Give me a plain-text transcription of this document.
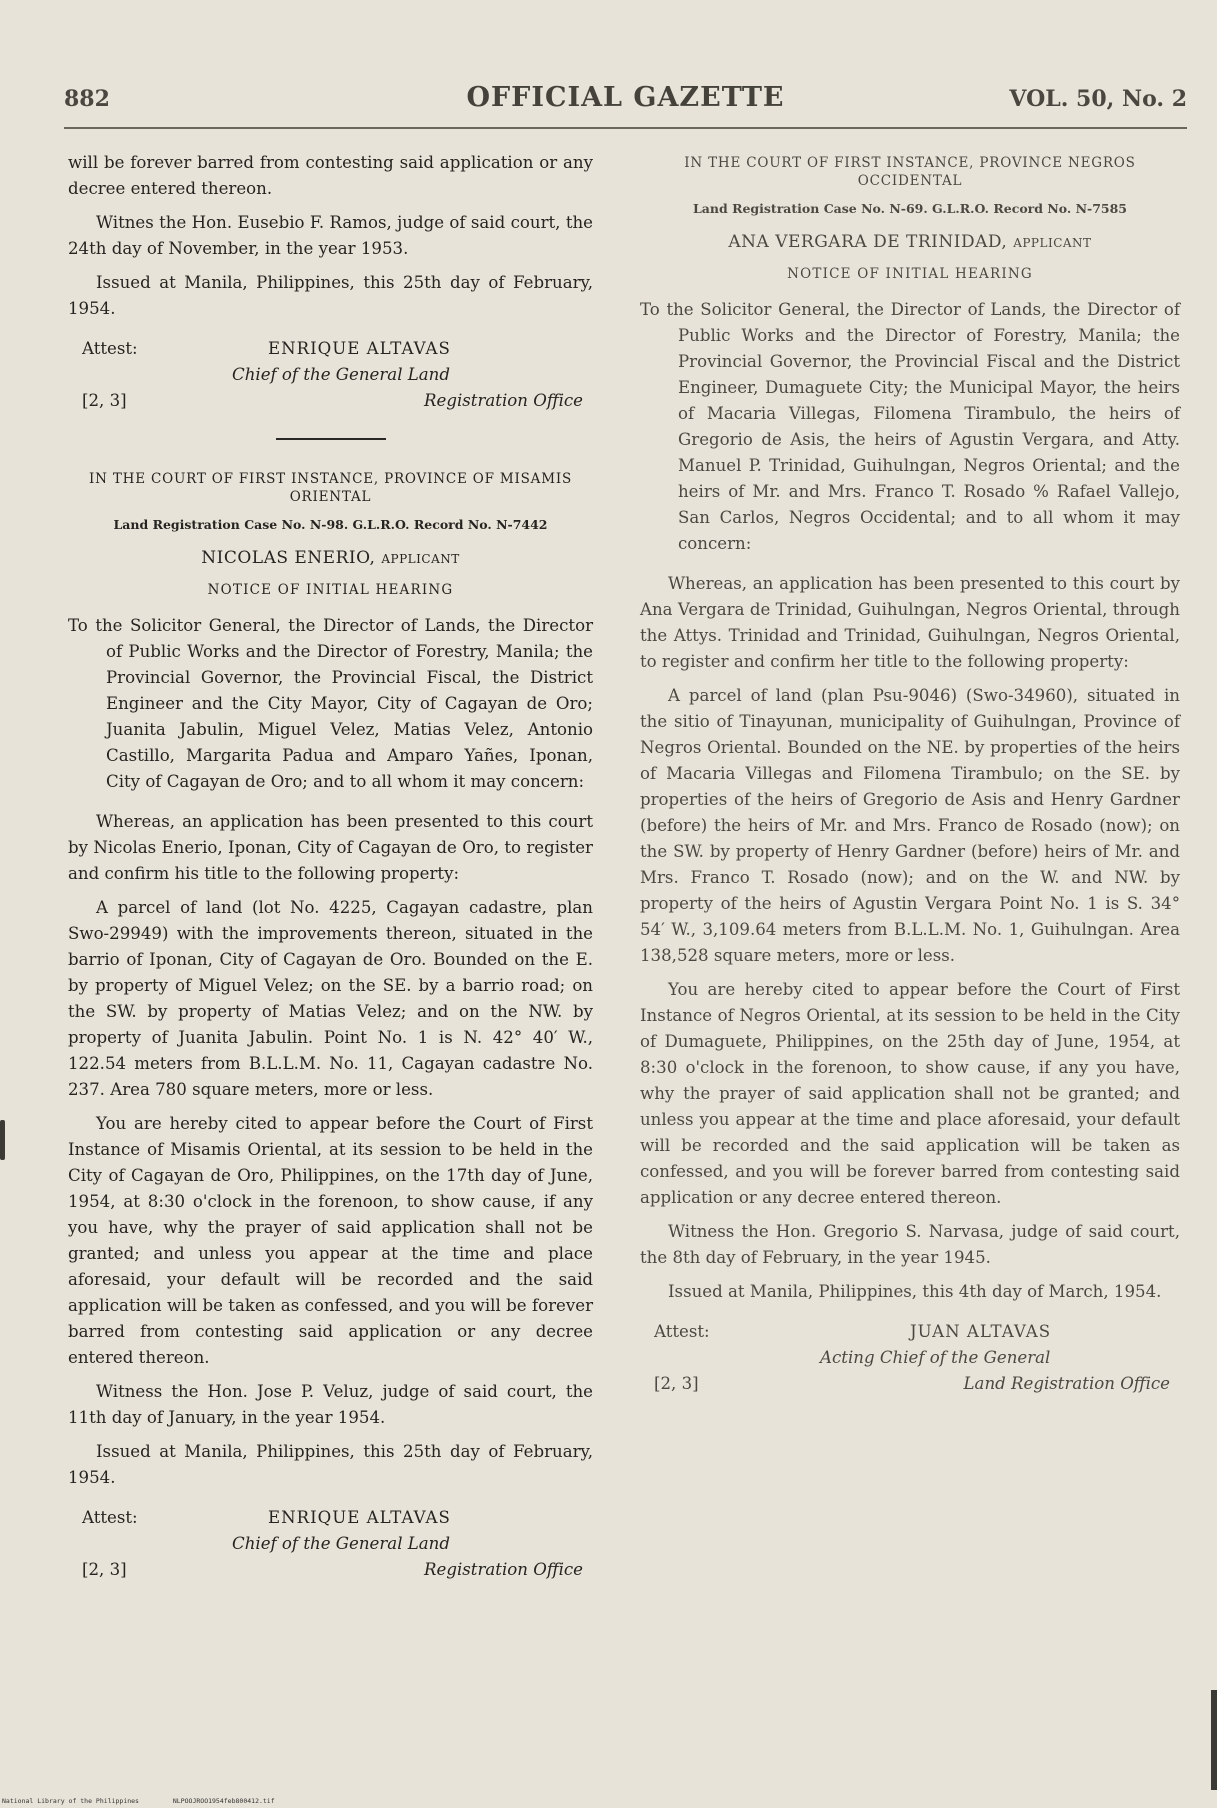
882	OFFICIAL GAZETTE	VOL. 50, No. 2

will be forever barred from contesting said application or any decree entered thereon.

Witnes the Hon. Eusebio F. Ramos, judge of said court, the 24th day of November, in the year 1953.

Issued at Manila, Philippines, this 25th day of February, 1954.

Attest:	ENRIQUE ALTAVAS
Chief of the General Land
[2, 3]	Registration Office
IN THE COURT OF FIRST INSTANCE, PROVINCE OF MISAMIS ORIENTAL
Land Registration Case No. N-98. G.L.R.O. Record No. N-7442
NICOLAS ENERIO, applicant
NOTICE OF INITIAL HEARING

To the Solicitor General, the Director of Lands, the Director of Public Works and the Director of Forestry, Manila; the Provincial Governor, the Provincial Fiscal, the District Engineer and the City Mayor, City of Cagayan de Oro; Juanita Jabulin, Miguel Velez, Matias Velez, Antonio Castillo, Margarita Padua and Amparo Yañes, Iponan, City of Cagayan de Oro; and to all whom it may concern:

Whereas, an application has been presented to this court by Nicolas Enerio, Iponan, City of Cagayan de Oro, to register and confirm his title to the following property:

A parcel of land (lot No. 4225, Cagayan cadastre, plan Swo-29949) with the improvements thereon, situated in the barrio of Iponan, City of Cagayan de Oro. Bounded on the E. by property of Miguel Velez; on the SE. by a barrio road; on the SW. by property of Matias Velez; and on the NW. by property of Juanita Jabulin. Point No. 1 is N. 42° 40′ W., 122.54 meters from B.L.L.M. No. 11, Cagayan cadastre No. 237. Area 780 square meters, more or less.

You are hereby cited to appear before the Court of First Instance of Misamis Oriental, at its session to be held in the City of Cagayan de Oro, Philippines, on the 17th day of June, 1954, at 8:30 o'clock in the forenoon, to show cause, if any you have, why the prayer of said application shall not be granted; and unless you appear at the time and place aforesaid, your default will be recorded and the said application will be taken as confessed, and you will be forever barred from contesting said application or any decree entered thereon.

Witness the Hon. Jose P. Veluz, judge of said court, the 11th day of January, in the year 1954.

Issued at Manila, Philippines, this 25th day of February, 1954.

Attest:	ENRIQUE ALTAVAS
Chief of the General Land
[2, 3]	Registration Office
IN THE COURT OF FIRST INSTANCE, PROVINCE NEGROS OCCIDENTAL
Land Registration Case No. N-69. G.L.R.O. Record No. N-7585
ANA VERGARA DE TRINIDAD, applicant
NOTICE OF INITIAL HEARING

To the Solicitor General, the Director of Lands, the Director of Public Works and the Director of Forestry, Manila; the Provincial Governor, the Provincial Fiscal and the District Engineer, Dumaguete City; the Municipal Mayor, the heirs of Macaria Villegas, Filomena Tirambulo, the heirs of Gregorio de Asis, the heirs of Agustin Vergara, and Atty. Manuel P. Trinidad, Guihulngan, Negros Oriental; and the heirs of Mr. and Mrs. Franco T. Rosado % Rafael Vallejo, San Carlos, Negros Occidental; and to all whom it may concern:

Whereas, an application has been presented to this court by Ana Vergara de Trinidad, Guihulngan, Negros Oriental, through the Attys. Trinidad and Trinidad, Guihulngan, Negros Oriental, to register and confirm her title to the following property:

A parcel of land (plan Psu-9046) (Swo-34960), situated in the sitio of Tinayunan, municipality of Guihulngan, Province of Negros Oriental. Bounded on the NE. by properties of the heirs of Macaria Villegas and Filomena Tirambulo; on the SE. by properties of the heirs of Gregorio de Asis and Henry Gardner (before) the heirs of Mr. and Mrs. Franco de Rosado (now); on the SW. by property of Henry Gardner (before) heirs of Mr. and Mrs. Franco T. Rosado (now); and on the W. and NW. by property of the heirs of Agustin Vergara Point No. 1 is S. 34° 54′ W., 3,109.64 meters from B.L.L.M. No. 1, Guihulngan. Area 138,528 square meters, more or less.

You are hereby cited to appear before the Court of First Instance of Negros Oriental, at its session to be held in the City of Dumaguete, Philippines, on the 25th day of June, 1954, at 8:30 o'clock in the forenoon, to show cause, if any you have, why the prayer of said application shall not be granted; and unless you appear at the time and place aforesaid, your default will be recorded and the said application will be taken as confessed, and you will be forever barred from contesting said application or any decree entered thereon.

Witness the Hon. Gregorio S. Narvasa, judge of said court, the 8th day of February, in the year 1945.

Issued at Manila, Philippines, this 4th day of March, 1954.

Attest:	JUAN ALTAVAS
Acting Chief of the General
[2, 3]	Land Registration Office
National Library of the Philippines	NLPOOJROO1954feb800412.tif
